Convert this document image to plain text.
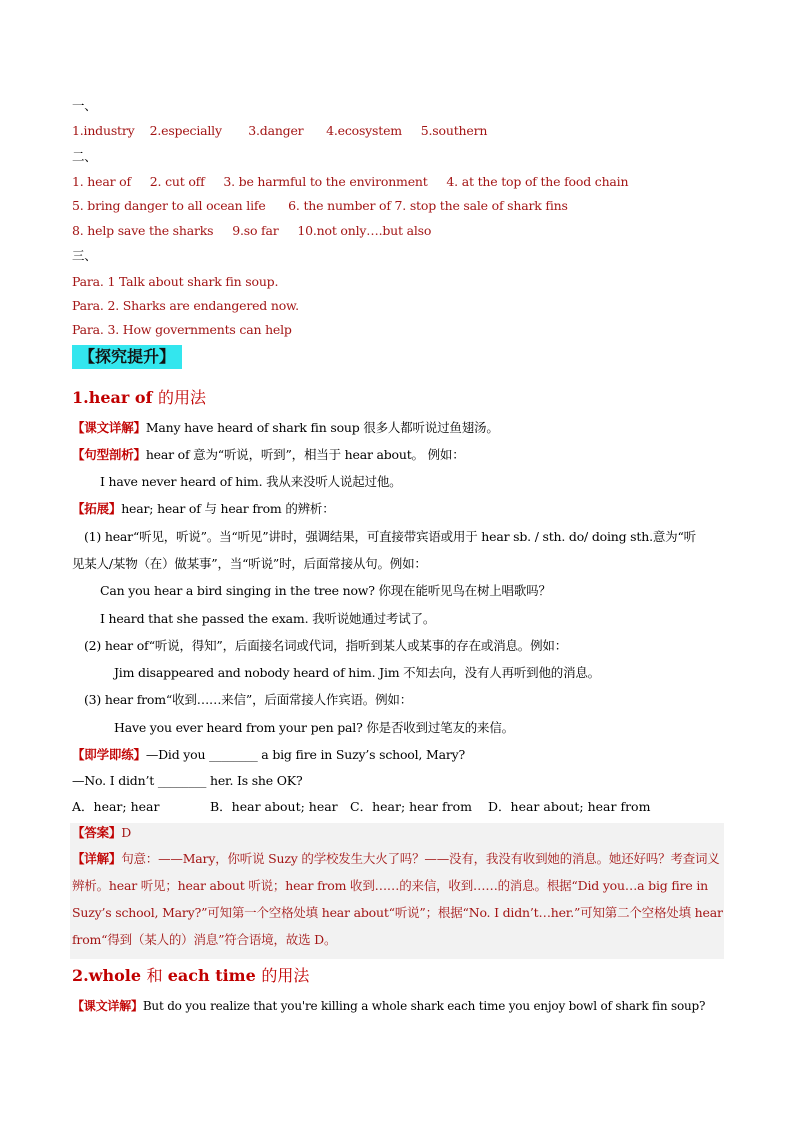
一、
1.industry    2.especially       3.danger      4.ecosystem     5.southern
二、
1. hear of     2. cut off     3. be harmful to the environment     4. at the top of the food chain
5. bring danger to all ocean life      6. the number of 7. stop the sale of shark fins
8. help save the sharks     9.so far     10.not only….but also
三、
Para. 1 Talk about shark fin soup.
Para. 2. Sharks are endangered now.
Para. 3. How governments can help
【探究提升】
1.hear of 的用法
【课文详解】Many have heard of shark fin soup 很多人都听说过鱼翅汤。
【句型剖析】hear of 意为“听说，听到”，相当于 hear about。 例如：
I have never heard of him. 我从来没听人说起过他。
【拓展】hear; hear of 与 hear from 的辨析：
(1) hear“听见，听说”。当“听见”讲时，强调结果，可直接带宾语或用于 hear sb. / sth. do/ doing sth.意为“听
见某人/某物（在）做某事”，当“听说”时，后面常接从句。例如：
Can you hear a bird singing in the tree now? 你现在能听见鸟在树上唱歌吗？
I heard that she passed the exam. 我听说她通过考试了。
(2) hear of“听说，得知”，后面接名词或代词，指听到某人或某事的存在或消息。例如：
Jim disappeared and nobody heard of him. Jim 不知去向，没有人再听到他的消息。
(3) hear from“收到……来信”，后面常接人作宾语。例如：
Have you ever heard from your pen pal? 你是否收到过笔友的来信。
【即学即练】—Did you ________ a big fire in Suzy’s school, Mary?
—No. I didn’t ________ her. Is she OK?
A．hear; hear	B．hear about; hear C．hear; hear from D．hear about; hear from
【答案】D
【详解】句意：——Mary，你听说 Suzy 的学校发生大火了吗？——没有，我没有收到她的消息。她还好吗？考查词义辨析。hear 听见；hear about 听说；hear from 收到……的来信，收到……的消息。根据“Did you…a big fire in Suzy’s school, Mary?”可知第一个空格处填 hear about“听说”；根据“No. I didn’t…her.”可知第二个空格处填 hear from“得到（某人的）消息”符合语境，故选 D。
2.whole 和 each time 的用法
【课文详解】But do you realize that you're killing a whole shark each time you enjoy bowl of shark fin soup?
